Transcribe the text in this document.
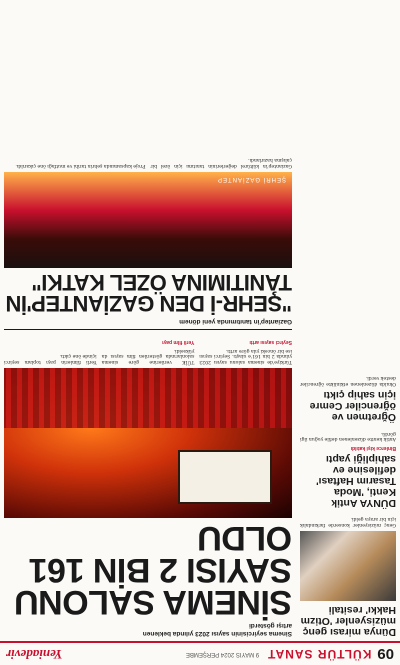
09
KÜLTÜR SANAT
9 MAYIS 2024 PERŞEMBE
Yeniadevir
Dünya mirası genç müzisyenler 'Otizm Hakkı' resitali

Genç müzisyenler konserde farkındalık için bir araya geldi.

DÜNYA Antik Kenti, 'Moda Tasarım Haftası' defilesine ev sahipliği yaptı

Binlerce kişi katıldı

Antik kentte düzenlenen defile yoğun ilgi gördü.

Öğretmen ve öğrenciler Cemre için sahip çıktı

Okulda düzenlenen etkinlikte öğrenciler destek verdi.

Sinema seyircisinin sayısı 2023 yılında beklenen artışı gösterdi

SİNEMA SALONU SAYISI 2 BİN 161 OLDU

Türkiye'de sinema salonu sayısı 2023 yılında 2 bin 161'e ulaştı. Seyirci sayısı ise bir önceki yıla göre arttı.

Seyirci sayısı arttı

TÜİK verilerine göre sinema salonlarında gösterilen film sayısı da yükseldi.

Yerli film payı

Yerli filmlerin payı toplam seyirci içinde öne çıktı.

Gaziantep'in tanıtımında yeni dönem

"ŞEHR-İ DEN GAZİANTEP'İN TANITIMINA ÖZEL KATKI"
ŞEHRİ GAZİANTEP

Gaziantep'in kültürel değerlerinin tanıtımı için özel bir çalışma hazırlandı.

Proje kapsamında şehrin tarihi ve mutfağı öne çıkarıldı.
